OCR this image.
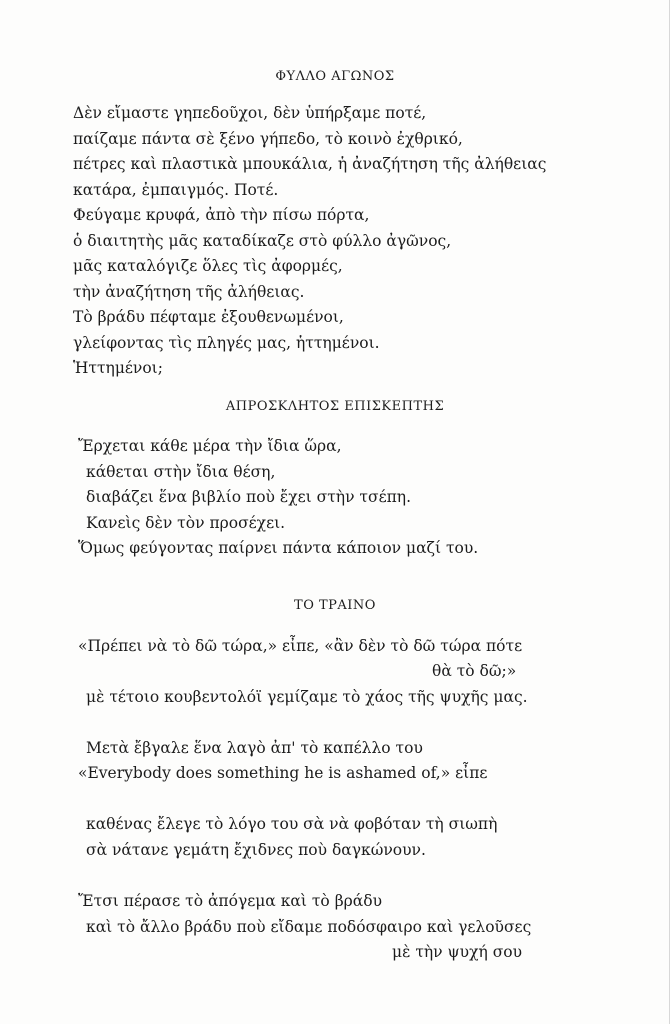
ΦΥΛΛΟ ΑΓΩΝΟΣ
Δὲν εἴμαστε γηπεδοῦχοι, δὲν ὑπήρξαμε ποτέ,
παίζαμε πάντα σὲ ξένο γήπεδο, τὸ κοινὸ ἐχθρικό,
πέτρες καὶ πλαστικὰ μπουκάλια, ἡ ἀναζήτηση τῆς ἀλήθειας
κατάρα, ἐμπαιγμός. Ποτέ.
Φεύγαμε κρυφά, ἀπὸ τὴν πίσω πόρτα,
ὁ διαιτητὴς μᾶς καταδίκαζε στὸ φύλλο ἀγῶνος,
μᾶς καταλόγιζε ὅλες τὶς ἀφορμές,
τὴν ἀναζήτηση τῆς ἀλήθειας.
Τὸ βράδυ πέφταμε ἐξουθενωμένοι,
γλείφοντας τὶς πληγές μας, ἡττημένοι.
Ἡττημένοι;
ΑΠΡΟΣΚΛΗΤΟΣ ΕΠΙΣΚΕΠΤΗΣ
Ἔρχεται κάθε μέρα τὴν ἴδια ὥρα,
κάθεται στὴν ἴδια θέση,
διαβάζει ἕνα βιβλίο ποὺ ἔχει στὴν τσέπη.
Κανεὶς δὲν τὸν προσέχει.
Ὅμως φεύγοντας παίρνει πάντα κάποιον μαζί του.
ΤΟ ΤΡΑΙΝΟ
«Πρέπει νὰ τὸ δῶ τώρα,» εἶπε, «ἂν δὲν τὸ δῶ τώρα πότε
θὰ τὸ δῶ;»
μὲ τέτοιο κουβεντολόϊ γεμίζαμε τὸ χάος τῆς ψυχῆς μας.
Μετὰ ἔβγαλε ἕνα λαγὸ ἀπ' τὸ καπέλλο του
«Everybody does something he is ashamed of,» εἶπε
καθένας ἔλεγε τὸ λόγο του σὰ νὰ φοβόταν τὴ σιωπὴ
σὰ νάτανε γεμάτη ἔχιδνες ποὺ δαγκώνουν.
Ἔτσι πέρασε τὸ ἀπόγεμα καὶ τὸ βράδυ
καὶ τὸ ἄλλο βράδυ ποὺ εἴδαμε ποδόσφαιρο καὶ γελοῦσες
μὲ τὴν ψυχή σου
